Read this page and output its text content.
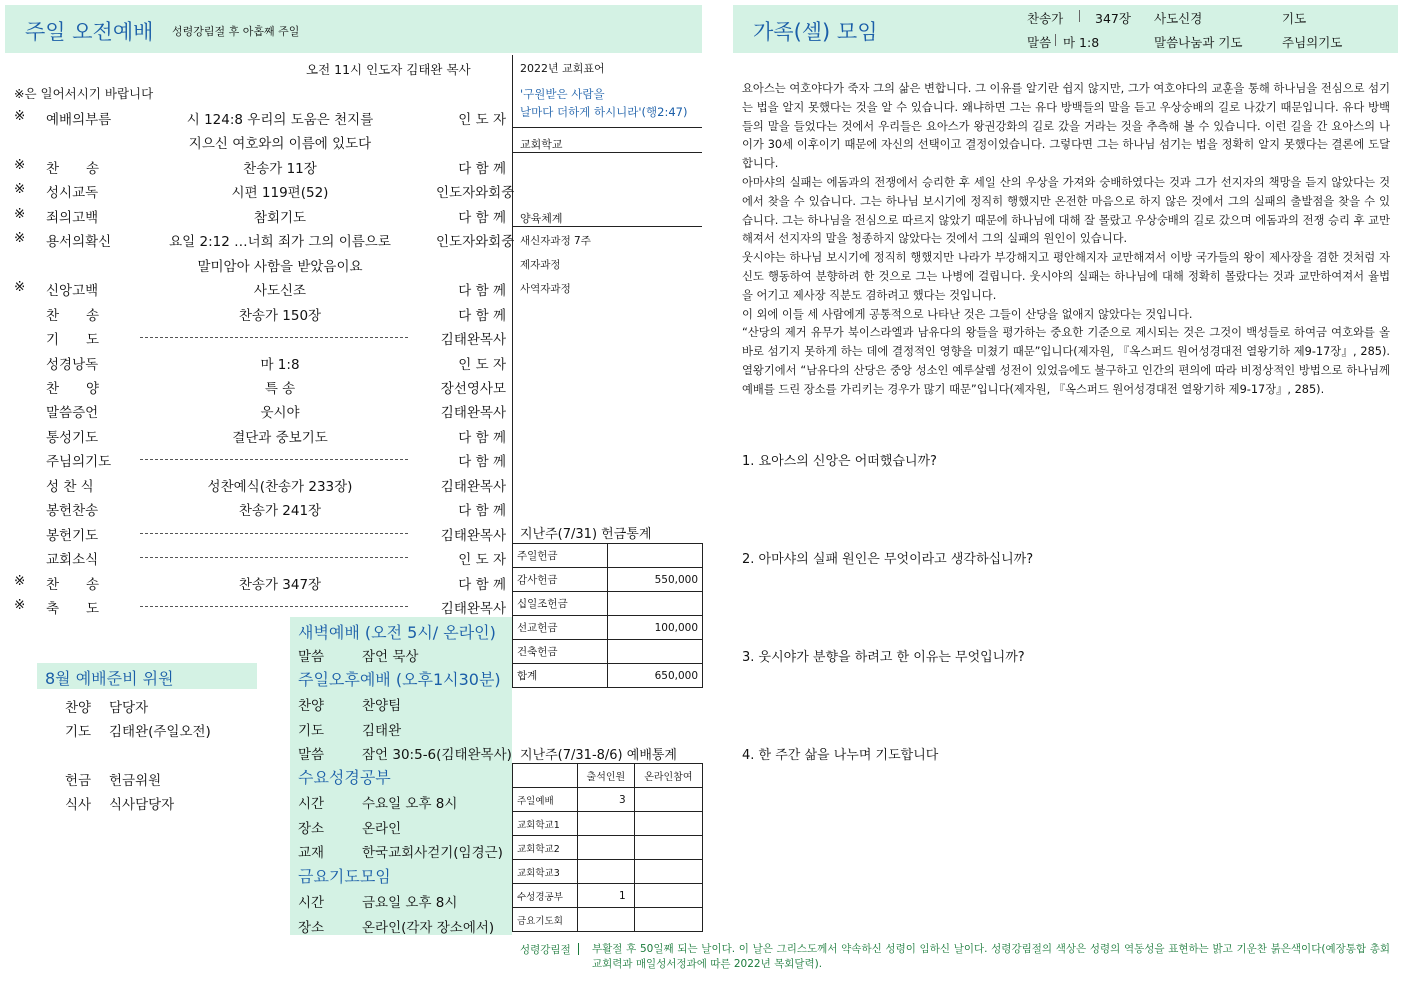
주일 오전예배 성령강림절 후 아홉째 주일
오전 11시 인도자 김태완 목사
※은 일어서시기 바랍니다
※ 예배의부름	시 124:8 우리의 도움은 천지를	인 도 자
지으신 여호와의 이름에 있도다
※ 찬　　송	찬송가 11장	다 함 께
※ 성시교독	시편 119편(52)	인도자와회중
※ 죄의고백	참회기도	다 함 께
※ 용서의확신	요일 2:12 …너희 죄가 그의 이름으로	인도자와회중
말미암아 사함을 받았음이요
※ 신앙고백	사도신조	다 함 께
찬　　송	찬송가 150장	다 함 께
기　　도	김태완목사
성경낭독	마 1:8	인 도 자
찬　　양	특 송	장선영사모
말씀증언	웃시야	김태완목사
통성기도	결단과 중보기도	다 함 께
주님의기도	다 함 께
성 찬 식	성찬예식(찬송가 233장)	김태완목사
봉헌찬송	찬송가 241장	다 함 께
봉헌기도	김태완목사
교회소식	인 도 자
※ 찬　　송	찬송가 347장	다 함 께
※ 축　　도	김태완목사
2022년 교회표어
'구원받은 사람을
날마다 더하게 하시니라'(행2:47)
교회학교
양육체계
새신자과정 7주
제자과정
사역자과정
지난주(7/31) 헌금통계
주일헌금	
감사헌금	550,000
십일조헌금	
선교헌금	100,000
건축헌금	
합계	650,000
지난주(7/31-8/6) 예배통계
	출석인원	온라인참여
주일예배	3	
교회학교1		
교회학교2		
교회학교3		
수성경공부	1	
금요기도회		
8월 예배준비 위원
찬양 담당자
기도 김태완(주일오전)
헌금 헌금위원
식사 식사담당자
새벽예배 (오전 5시/ 온라인)
말씀	잠언 묵상
주일오후예배 (오후1시30분)
찬양	찬양팀
기도	김태완
말씀	잠언 30:5-6(김태완목사)
수요성경공부
시간	수요일 오후 8시
장소	온라인
교재	한국교회사걷기(임경근)
금요기도모임
시간	금요일 오후 8시
장소	온라인(각자 장소에서)
가족(셀) 모임
찬송가	347장 사도신경	기도
말씀 마 1:8	말씀나눔과 기도	주님의기도
요아스는 여호야다가 죽자 그의 삶은 변합니다. 그 이유를 알기란 쉽지 않지만, 그가 여호야다의 교훈을 통해 하나님을 전심으로 섬기는 법을 알지 못했다는 것을 알 수 있습니다. 왜냐하면 그는 유다 방백들의 말을 듣고 우상숭배의 길로 나갔기 때문입니다. 유다 방백들의 말을 들었다는 것에서 우리들은 요아스가 왕권강화의 길로 갔을 거라는 것을 추측해 볼 수 있습니다. 이런 길을 간 요아스의 나이가 30세 이후이기 때문에 자신의 선택이고 결정이었습니다. 그렇다면 그는 하나님 섬기는 법을 정확히 알지 못했다는 결론에 도달합니다.
아마샤의 실패는 에돔과의 전쟁에서 승리한 후 세일 산의 우상을 가져와 숭배하였다는 것과 그가 선지자의 책망을 듣지 않았다는 것에서 찾을 수 있습니다. 그는 하나님 보시기에 정직히 행했지만 온전한 마음으로 하지 않은 것에서 그의 실패의 출발점을 찾을 수 있습니다. 그는 하나님을 전심으로 따르지 않았기 때문에 하나님에 대해 잘 몰랐고 우상숭배의 길로 갔으며 에돔과의 전쟁 승리 후 교만해져서 선지자의 말을 청종하지 않았다는 것에서 그의 실패의 원인이 있습니다.
웃시야는 하나님 보시기에 정직히 행했지만 나라가 부강해지고 평안해지자 교만해져서 이방 국가들의 왕이 제사장을 겸한 것처럼 자신도 행동하여 분향하려 한 것으로 그는 나병에 걸립니다. 웃시야의 실패는 하나님에 대해 정확히 몰랐다는 것과 교만하여져서 율법을 어기고 제사장 직분도 겸하려고 했다는 것입니다.
이 외에 이들 세 사람에게 공통적으로 나타난 것은 그들이 산당을 없애지 않았다는 것입니다.
“산당의 제거 유무가 북이스라엘과 남유다의 왕들을 평가하는 중요한 기준으로 제시되는 것은 그것이 백성들로 하여금 여호와를 올바로 섬기지 못하게 하는 데에 결정적인 영향을 미쳤기 때문”입니다(제자원, 『옥스퍼드 원어성경대전 열왕기하 제9-17장』, 285).열왕기에서 “남유다의 산당은 중앙 성소인 예루살렘 성전이 있었음에도 불구하고 인간의 편의에 따라 비정상적인 방법으로 하나님께 예배를 드린 장소를 가리키는 경우가 많기 때문”입니다(제자원, 『옥스퍼드 원어성경대전 열왕기하 제9-17장』, 285).
1. 요아스의 신앙은 어떠했습니까?
2. 아마샤의 실패 원인은 무엇이라고 생각하십니까?
3. 웃시야가 분향을 하려고 한 이유는 무엇입니까?
4. 한 주간 삶을 나누며 기도합니다
성령강림절 부활절 후 50일째 되는 날이다. 이 날은 그리스도께서 약속하신 성령이 임하신 날이다. 성령강림절의 색상은 성령의 역동성을 표현하는 밝고 기운찬 붉은색이다(예장통합 총회 교회력과 매일성서정과에 따른 2022년 목회달력).
